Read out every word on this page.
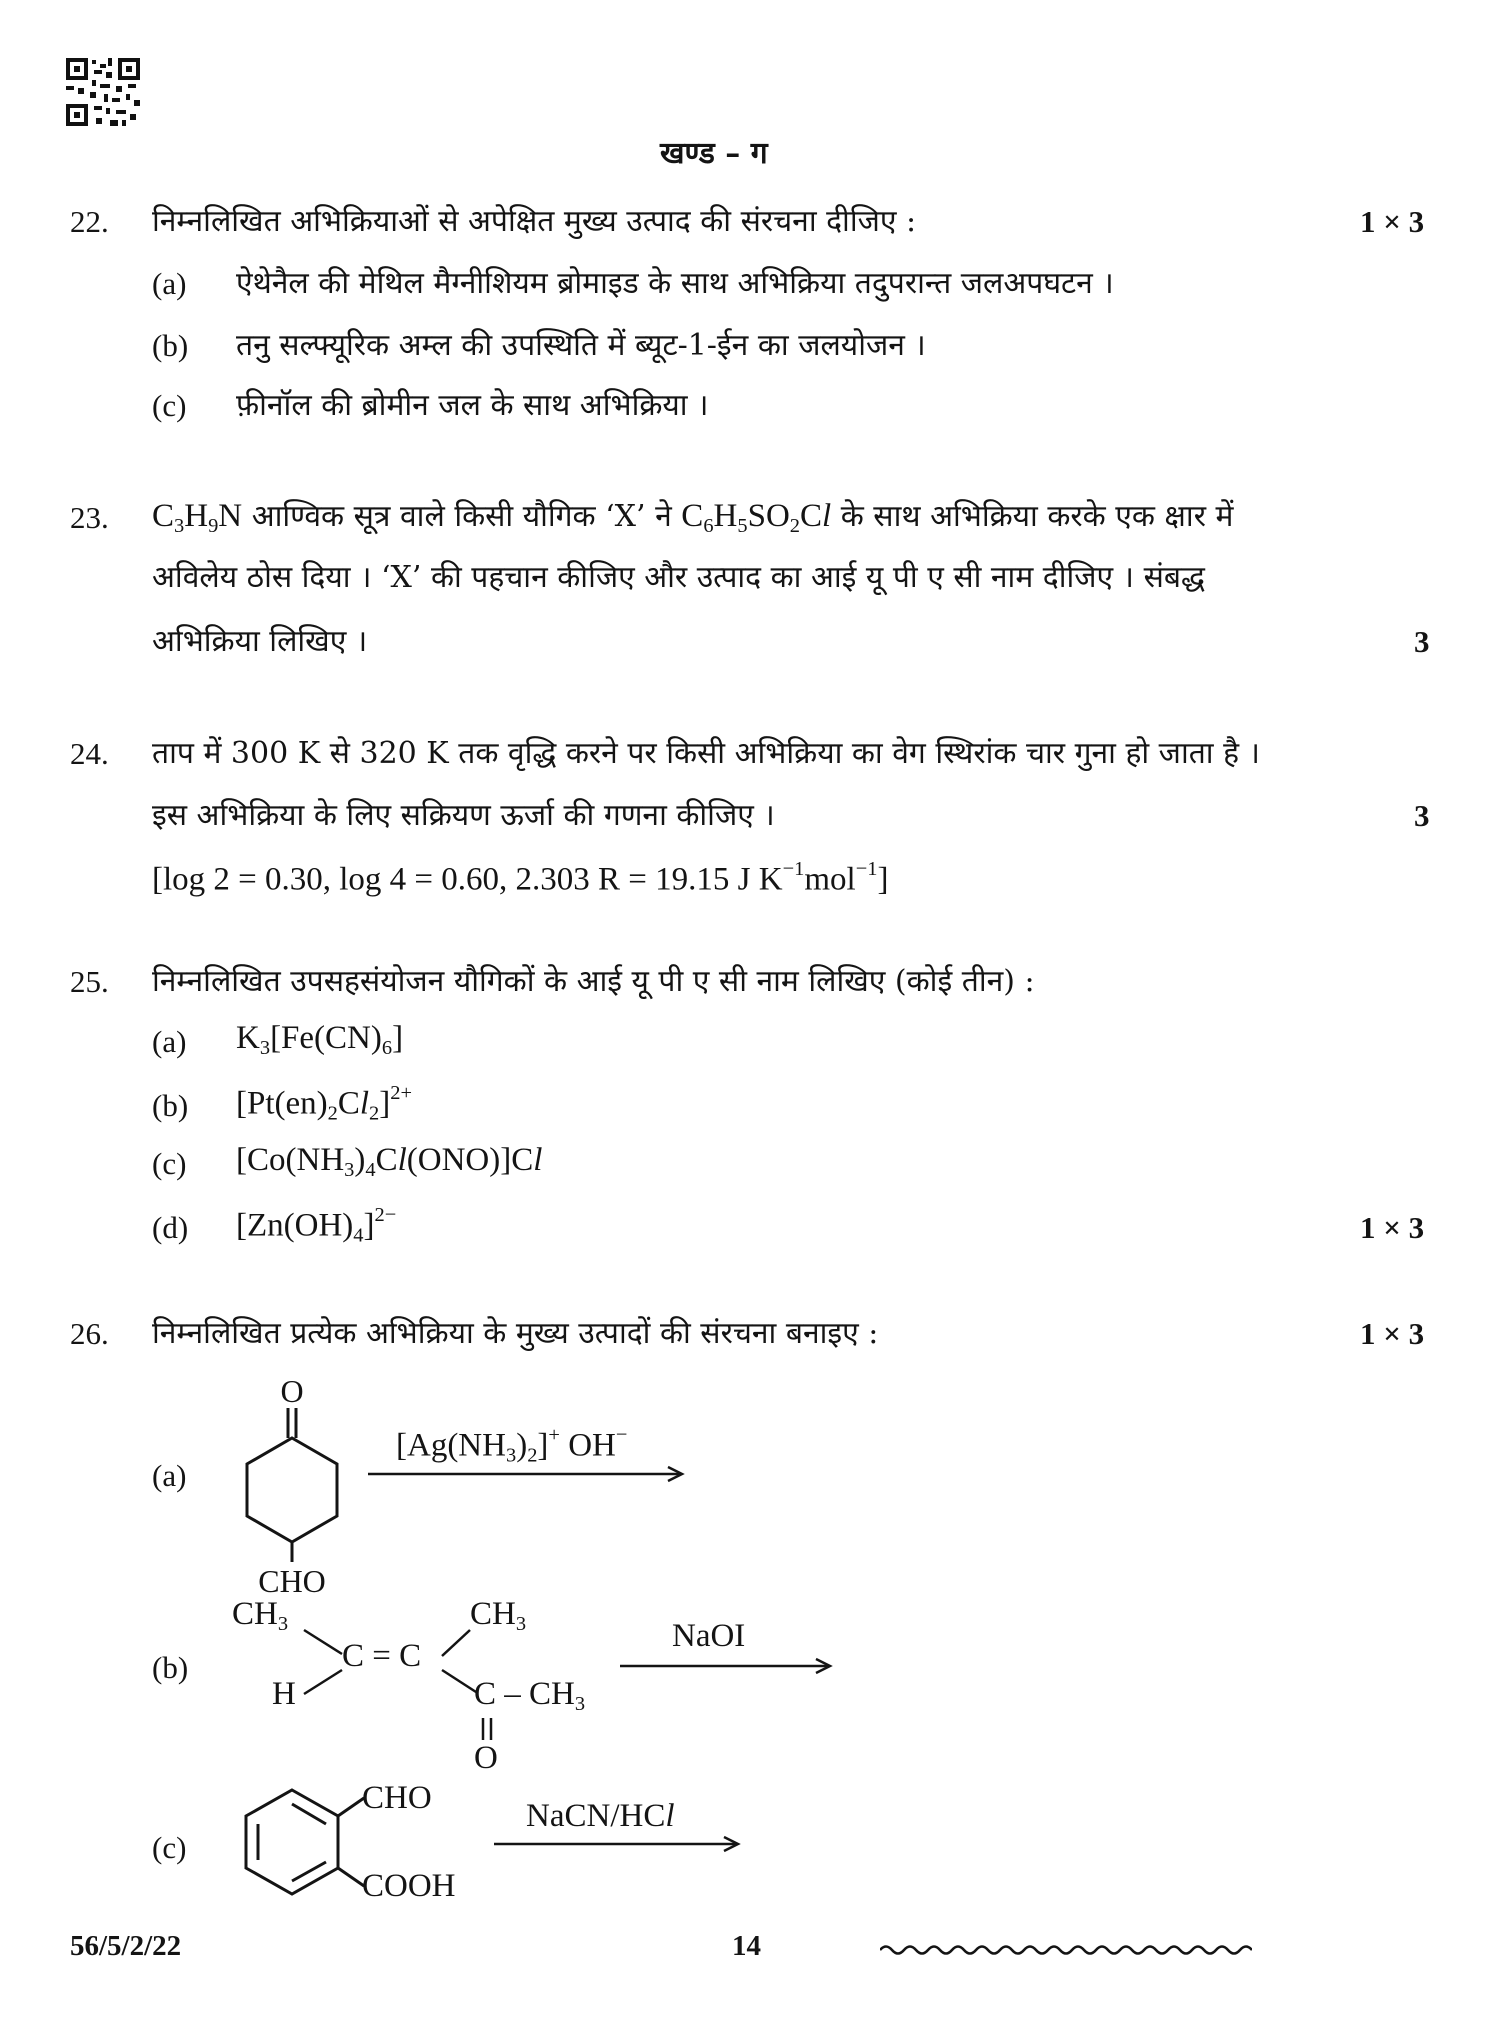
खण्ड – ग
22. निम्नलिखित अभिक्रियाओं से अपेक्षित मुख्य उत्पाद की संरचना दीजिए :	1 × 3
(a) ऐथेनैल की मेथिल मैग्नीशियम ब्रोमाइड के साथ अभिक्रिया तदुपरान्त जलअपघटन ।
(b) तनु सल्फ्यूरिक अम्ल की उपस्थिति में ब्यूट-1-ईन का जलयोजन ।
(c) फ़ीनॉल की ब्रोमीन जल के साथ अभिक्रिया ।
23. $C_3H_9N$ आण्विक सूत्र वाले किसी यौगिक ‘X’ ने $C_6H_5SO_2Cl$ के साथ अभिक्रिया करके एक क्षार में
अविलेय ठोस दिया । ‘X’ की पहचान कीजिए और उत्पाद का आई यू पी ए सी नाम दीजिए । संबद्ध
अभिक्रिया लिखिए ।	3
24. ताप में 300 K से 320 K तक वृद्धि करने पर किसी अभिक्रिया का वेग स्थिरांक चार गुना हो जाता है ।
इस अभिक्रिया के लिए सक्रियण ऊर्जा की गणना कीजिए ।	3
[log 2 = 0.30, log 4 = 0.60, 2.303 R = 19.15 J $K^{-1}mol^{-1}$]
25. निम्नलिखित उपसहसंयोजन यौगिकों के आई यू पी ए सी नाम लिखिए (कोई तीन) :
(a) $K_3[Fe(CN)_6]$
(b) $[Pt(en)_2Cl_2]^{2+}$
(c) $[Co(NH_3)_4Cl(ONO)]Cl$
(d) $[Zn(OH)_4]^{2-}$	1 × 3
26. निम्नलिखित प्रत्येक अभिक्रिया के मुख्य उत्पादों की संरचना बनाइए :	1 × 3
(a)
O
CHO
$[Ag(NH_3)_2]^+$ OH−
(b)
$CH_3$
H
C = C
$CH_3$
C – $CH_3$
O
NaOI
(c)
CHO
COOH
NaCN/HCl
56/5/2/22	14
